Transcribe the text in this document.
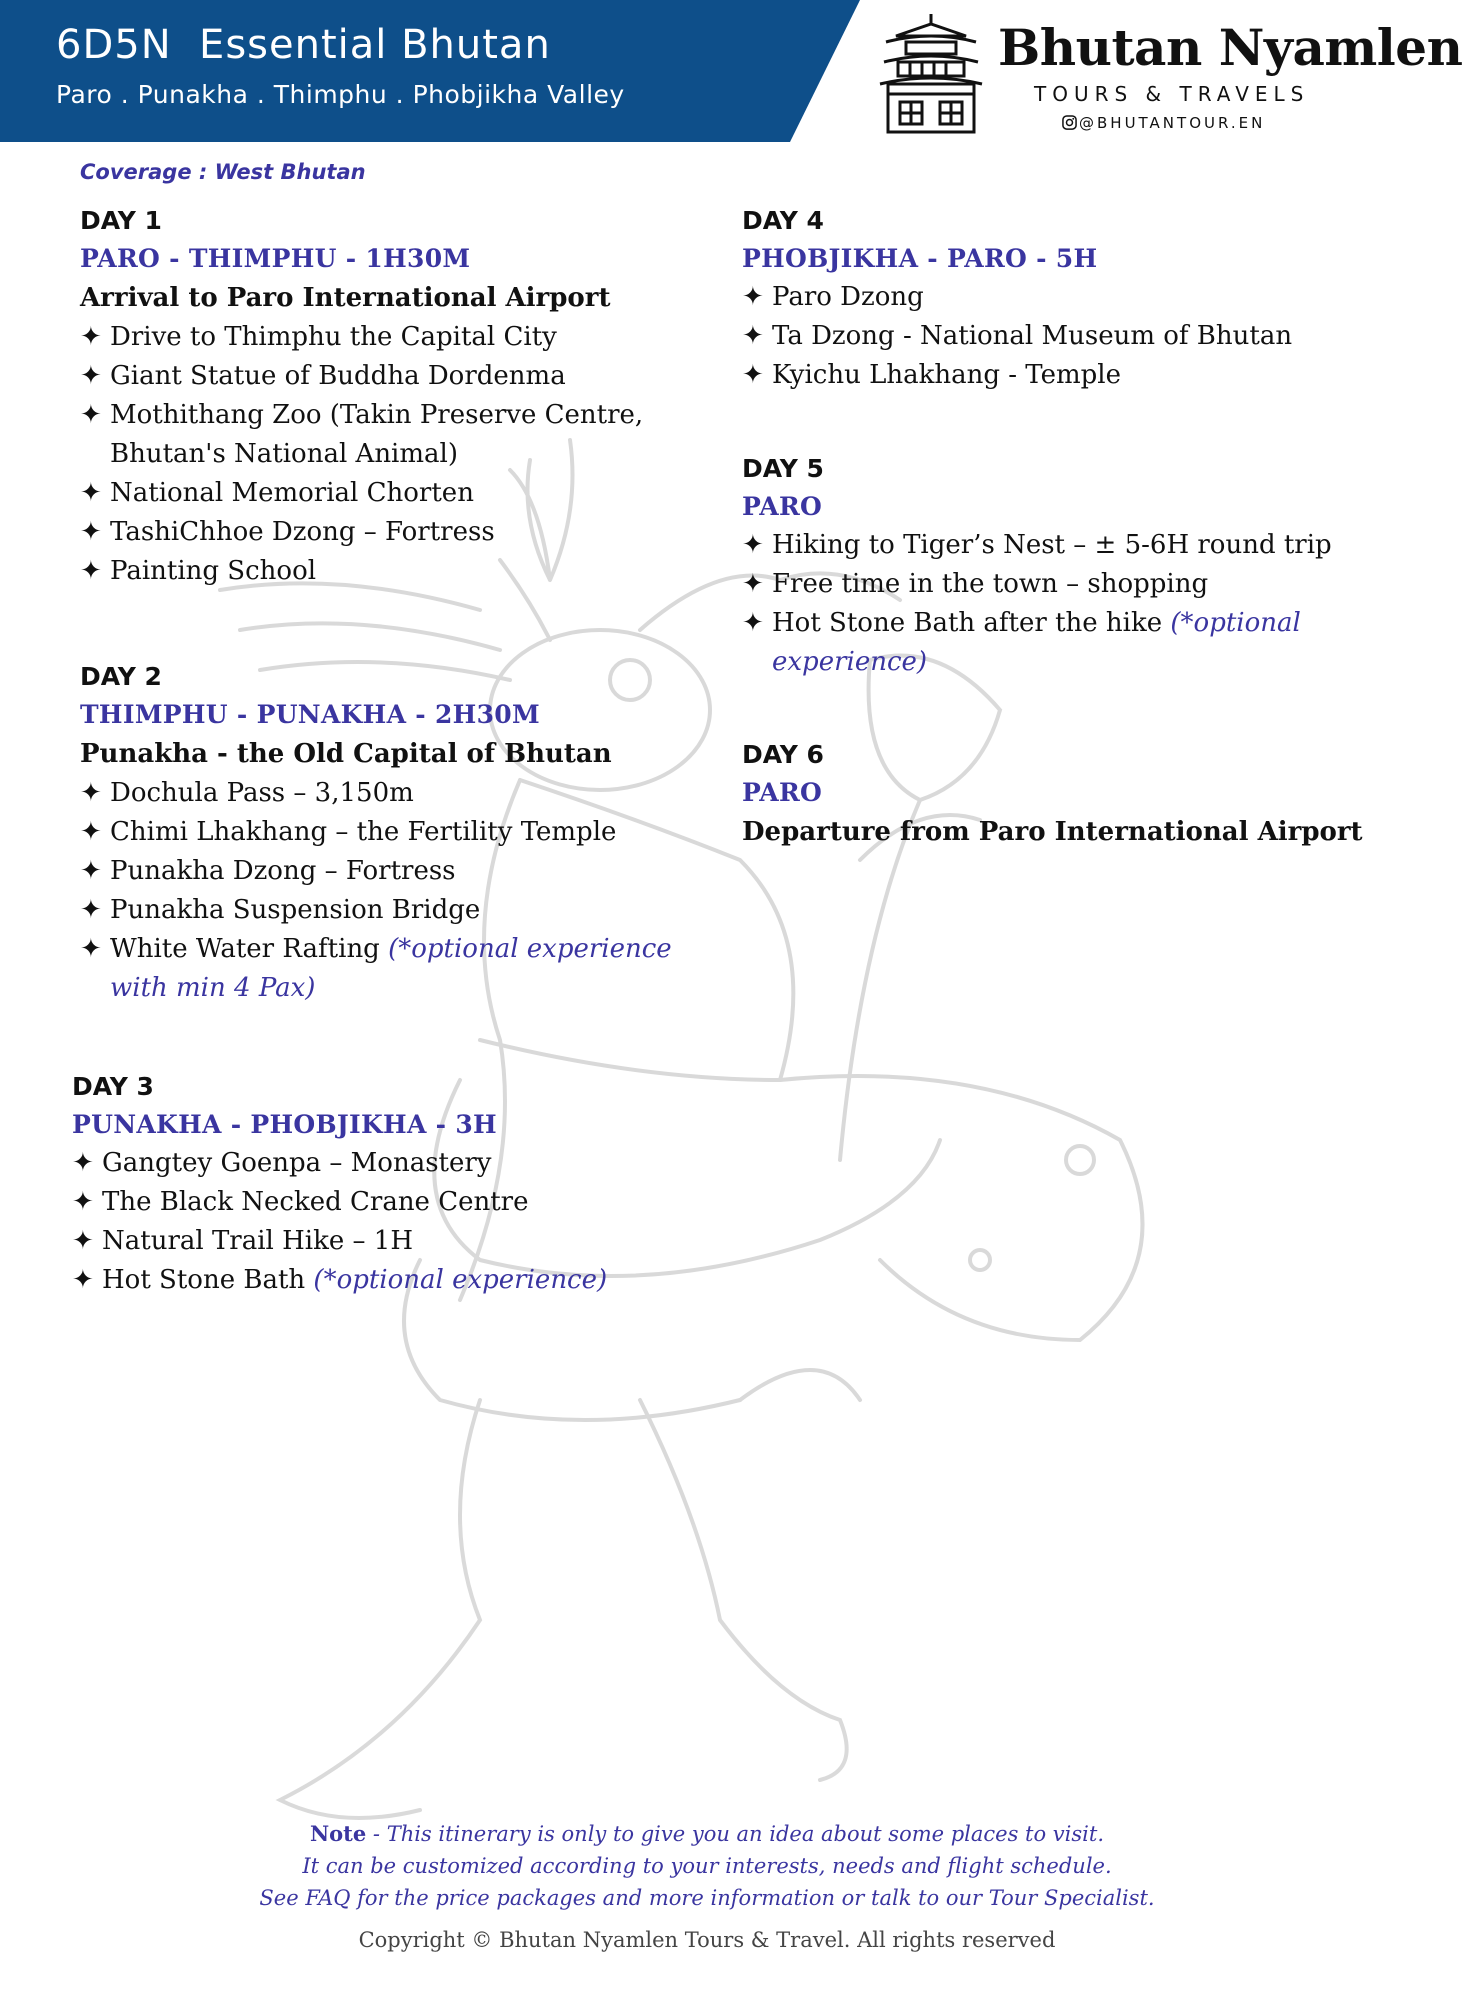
6D5N  Essential Bhutan
Paro . Punakha . Thimphu . Phobjikha Valley
Bhutan Nyamlen
TOURS & TRAVELS
@BHUTANTOUR.EN
Coverage : West Bhutan
DAY 1
PARO - THIMPHU - 1H30M
Arrival to Paro International Airport
✦ Drive to Thimphu the Capital City
✦ Giant Statue of Buddha Dordenma
✦ Mothithang Zoo (Takin Preserve Centre, Bhutan's National Animal)
✦ National Memorial Chorten
✦ TashiChhoe Dzong – Fortress
✦ Painting School
DAY 2
THIMPHU - PUNAKHA - 2H30M
Punakha - the Old Capital of Bhutan
✦ Dochula Pass – 3,150m
✦ Chimi Lhakhang – the Fertility Temple
✦ Punakha Dzong – Fortress
✦ Punakha Suspension Bridge
✦ White Water Rafting (*optional experience with min 4 Pax)
DAY 3
PUNAKHA - PHOBJIKHA - 3H
✦ Gangtey Goenpa – Monastery
✦ The Black Necked Crane Centre
✦ Natural Trail Hike – 1H
✦ Hot Stone Bath (*optional experience)
DAY 4
PHOBJIKHA - PARO - 5H
✦ Paro Dzong
✦ Ta Dzong - National Museum of Bhutan
✦ Kyichu Lhakhang - Temple
DAY 5
PARO
✦ Hiking to Tiger’s Nest – ± 5-6H round trip
✦ Free time in the town – shopping
✦ Hot Stone Bath after the hike (*optional experience)
DAY 6
PARO
Departure from Paro International Airport
Note - This itinerary is only to give you an idea about some places to visit.
It can be customized according to your interests, needs and flight schedule.
See FAQ for the price packages and more information or talk to our Tour Specialist.
Copyright © Bhutan Nyamlen Tours & Travel. All rights reserved
